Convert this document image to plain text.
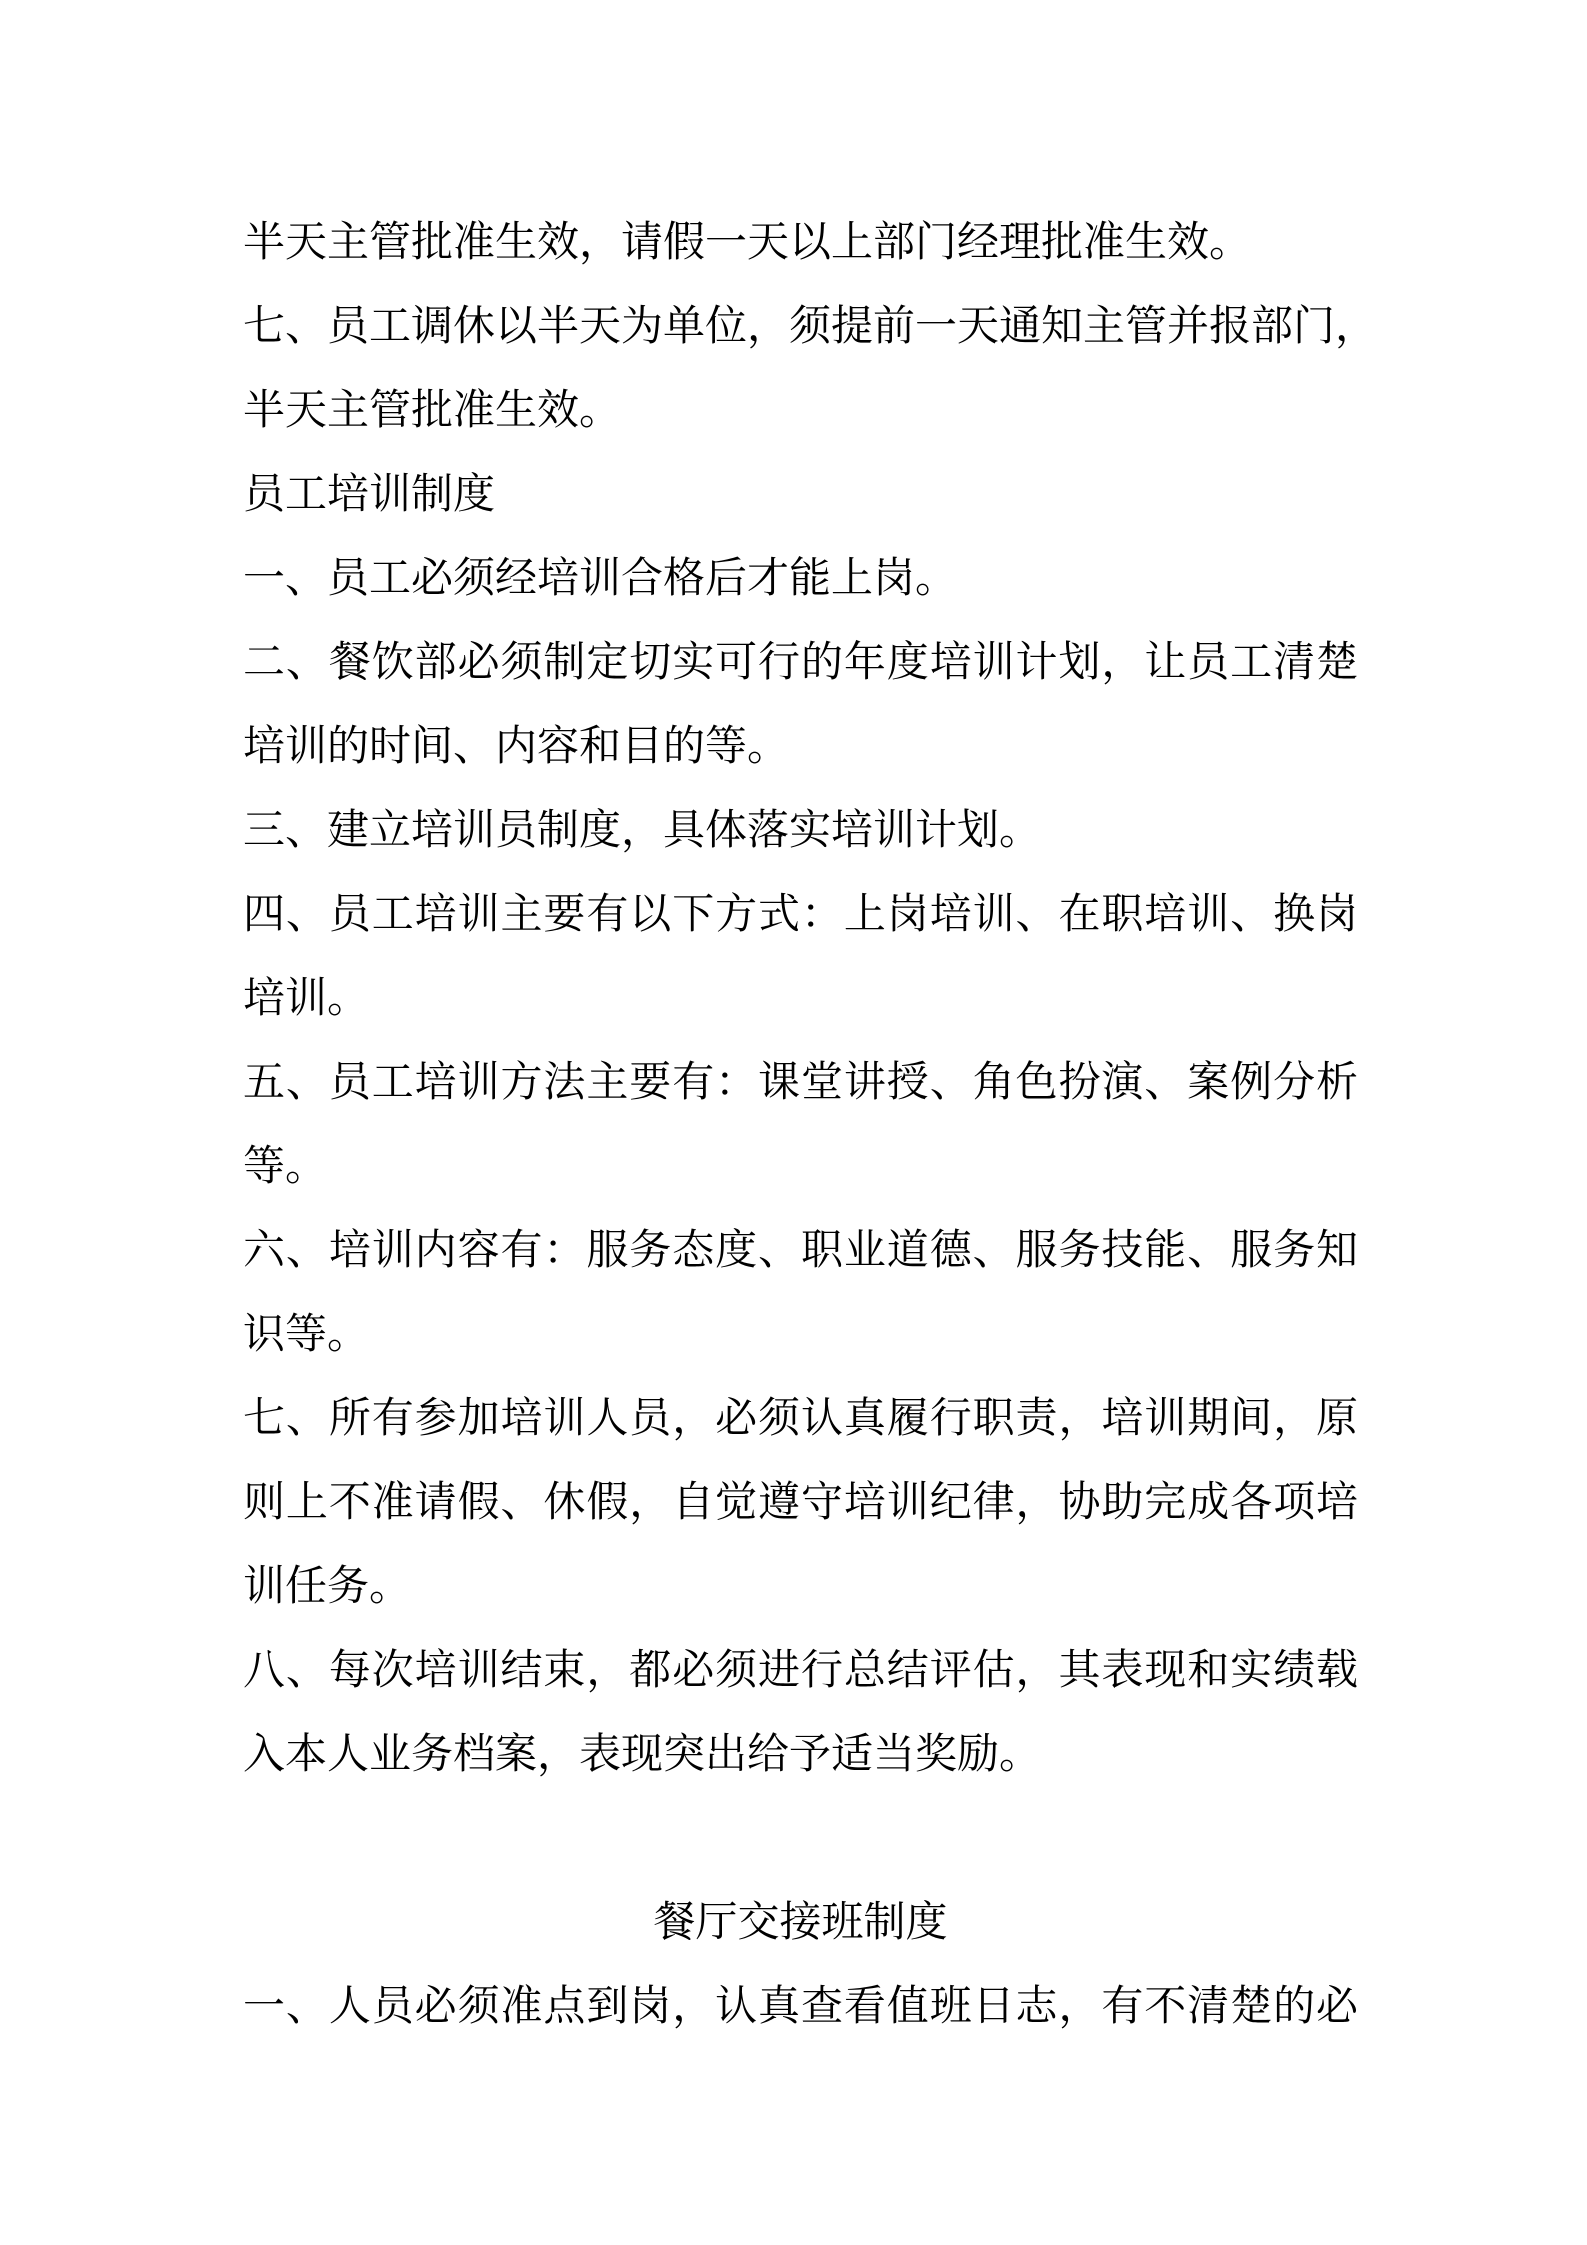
半天主管批准生效，请假一天以上部门经理批准生效。
七、员工调休以半天为单位，须提前一天通知主管并报部门，
半天主管批准生效。
员工培训制度
一、员工必须经培训合格后才能上岗。
二、餐饮部必须制定切实可行的年度培训计划，让员工清楚
培训的时间、内容和目的等。
三、建立培训员制度，具体落实培训计划。
四、员工培训主要有以下方式：上岗培训、在职培训、换岗
培训。
五、员工培训方法主要有：课堂讲授、角色扮演、案例分析
等。
六、培训内容有：服务态度、职业道德、服务技能、服务知
识等。
七、所有参加培训人员，必须认真履行职责，培训期间，原
则上不准请假、休假，自觉遵守培训纪律，协助完成各项培
训任务。
八、每次培训结束，都必须进行总结评估，其表现和实绩载
入本人业务档案，表现突出给予适当奖励。
餐厅交接班制度
一、人员必须准点到岗，认真查看值班日志，有不清楚的必
